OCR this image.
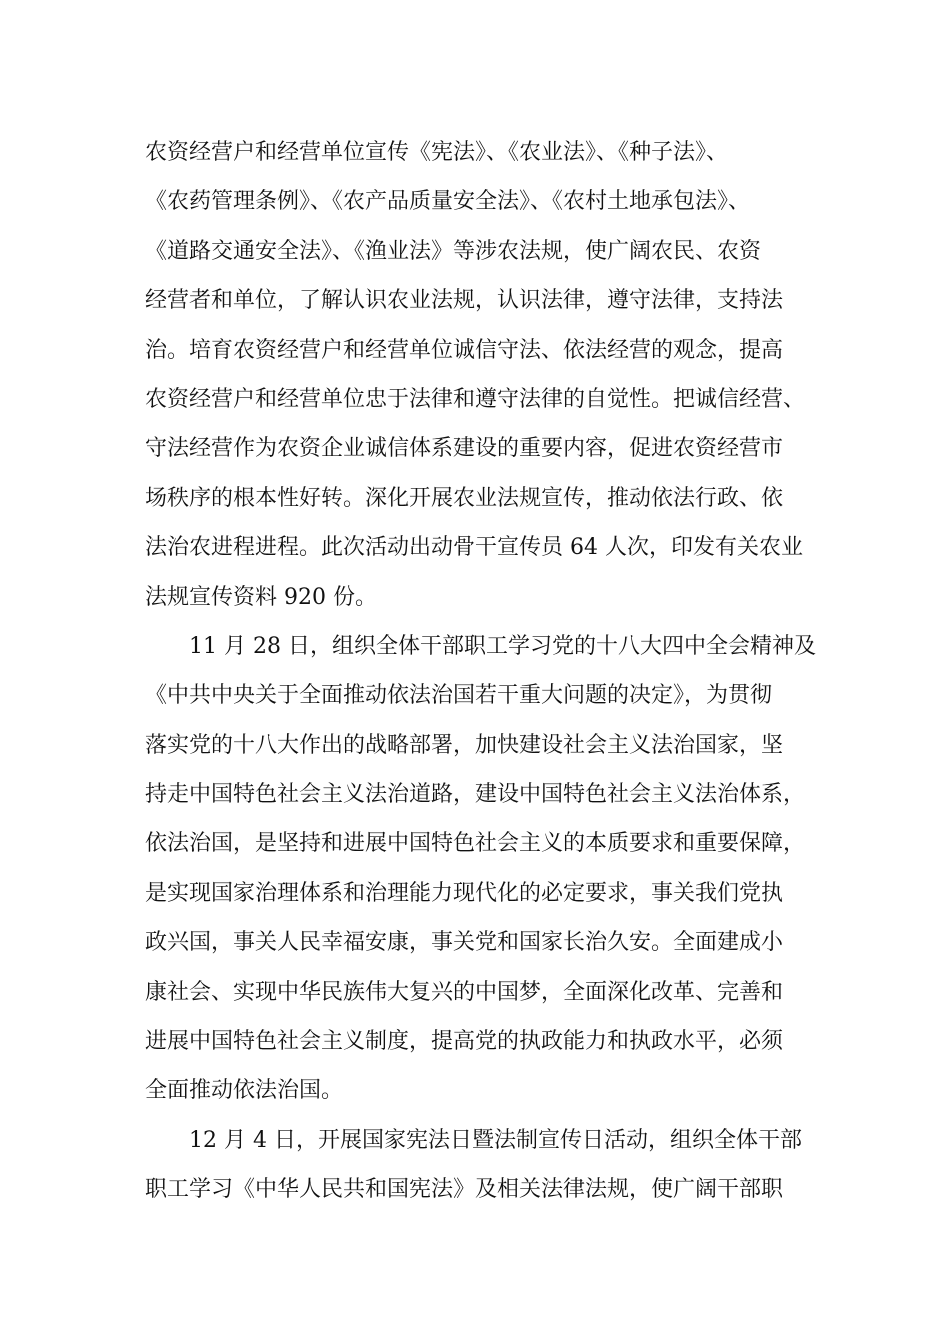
农资经营户和经营单位宣传《宪法》、《农业法》、《种子法》、
《农药管理条例》、《农产品质量安全法》、《农村土地承包法》、
《道路交通安全法》、《渔业法》等涉农法规，使广阔农民、农资
经营者和单位，了解认识农业法规，认识法律，遵守法律，支持法
治。培育农资经营户和经营单位诚信守法、依法经营的观念，提高
农资经营户和经营单位忠于法律和遵守法律的自觉性。把诚信经营、
守法经营作为农资企业诚信体系建设的重要内容，促进农资经营市
场秩序的根本性好转。深化开展农业法规宣传，推动依法行政、依
法治农进程进程。此次活动出动骨干宣传员 64 人次，印发有关农业
法规宣传资料 920 份。
11 月 28 日，组织全体干部职工学习党的十八大四中全会精神及
《中共中央关于全面推动依法治国若干重大问题的决定》，为贯彻
落实党的十八大作出的战略部署，加快建设社会主义法治国家，坚
持走中国特色社会主义法治道路，建设中国特色社会主义法治体系，
依法治国，是坚持和进展中国特色社会主义的本质要求和重要保障，
是实现国家治理体系和治理能力现代化的必定要求，事关我们党执
政兴国，事关人民幸福安康，事关党和国家长治久安。全面建成小
康社会、实现中华民族伟大复兴的中国梦，全面深化改革、完善和
进展中国特色社会主义制度，提高党的执政能力和执政水平，必须
全面推动依法治国。
12 月 4 日，开展国家宪法日暨法制宣传日活动，组织全体干部
职工学习《中华人民共和国宪法》及相关法律法规，使广阔干部职
